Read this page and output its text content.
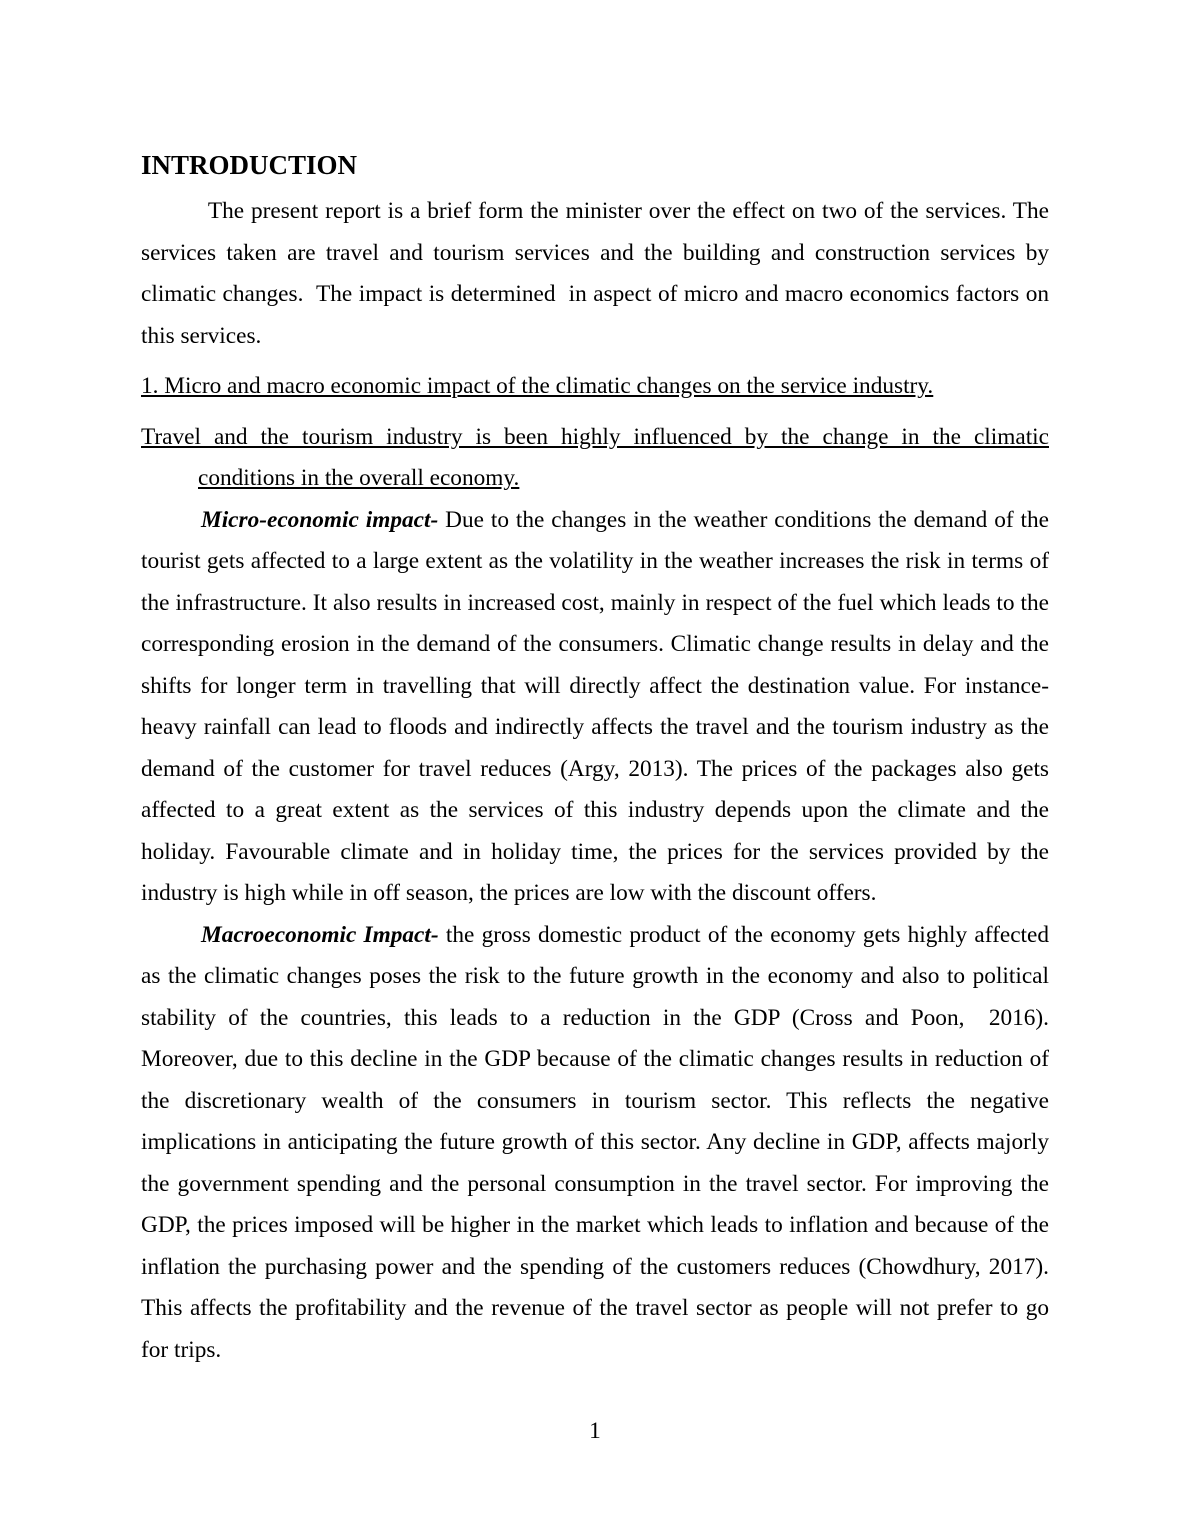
INTRODUCTION

The present report is a brief form the minister over the effect on two of the services. The services taken are travel and tourism services and the building and construction services by climatic changes.  The impact is determined  in aspect of micro and macro economics factors on this services.

1. Micro and macro economic impact of the climatic changes on the service industry.

Travel and the tourism industry is been highly influenced by the change in the climatic conditions in the overall economy.

Micro-economic impact- Due to the changes in the weather conditions the demand of the tourist gets affected to a large extent as the volatility in the weather increases the risk in terms of the infrastructure. It also results in increased cost, mainly in respect of the fuel which leads to the corresponding erosion in the demand of the consumers. Climatic change results in delay and the shifts for longer term in travelling that will directly affect the destination value. For instance- heavy rainfall can lead to floods and indirectly affects the travel and the tourism industry as the demand of the customer for travel reduces (Argy, 2013). The prices of the packages also gets affected to a great extent as the services of this industry depends upon the climate and the holiday. Favourable climate and in holiday time, the prices for the services provided by the industry is high while in off season, the prices are low with the discount offers.

Macroeconomic Impact- the gross domestic product of the economy gets highly affected as the climatic changes poses the risk to the future growth in the economy and also to political stability of the countries, this leads to a reduction in the GDP (Cross and Poon,  2016). Moreover, due to this decline in the GDP because of the climatic changes results in reduction of the discretionary wealth of the consumers in tourism sector. This reflects the negative implications in anticipating the future growth of this sector. Any decline in GDP, affects majorly the government spending and the personal consumption in the travel sector. For improving the GDP, the prices imposed will be higher in the market which leads to inflation and because of the inflation the purchasing power and the spending of the customers reduces (Chowdhury, 2017). This affects the profitability and the revenue of the travel sector as people will not prefer to go for trips.

1
